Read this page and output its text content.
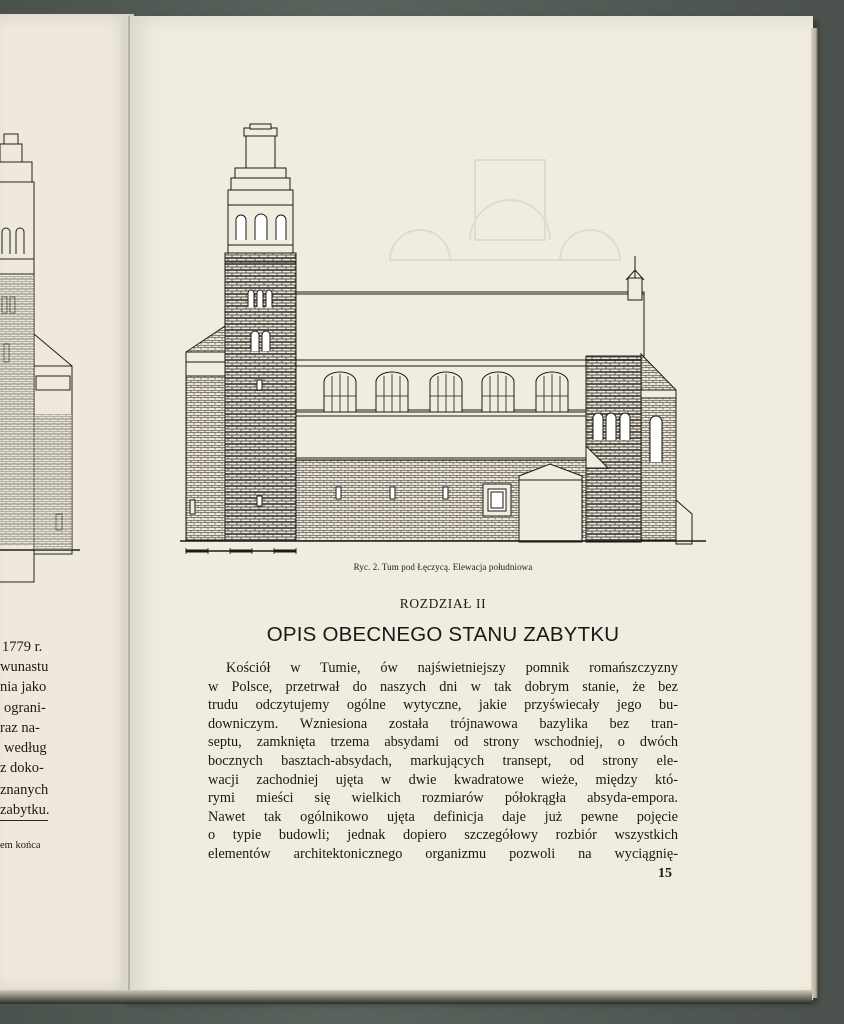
1779 r.
wunastu
nia jako
ograni-
raz na-
według
z doko-
znanych
zabytku.
em końca
Ryc. 2. Tum pod Łęczycą. Elewacja południowa
ROZDZIAŁ II
OPIS OBECNEGO STANU ZABYTKU
Kościół w Tumie, ów najświetniejszy pomnik romańszczyzny
w Polsce, przetrwał do naszych dni w tak dobrym stanie, że bez
trudu odczytujemy ogólne wytyczne, jakie przyświecały jego bu-
downiczym. Wzniesiona została trójnawowa bazylika bez tran-
septu, zamknięta trzema absydami od strony wschodniej, o dwóch
bocznych basztach-absydach, markujących transept, od strony ele-
wacji zachodniej ujęta w dwie kwadratowe wieże, między któ-
rymi mieści się wielkich rozmiarów półokrągła absyda-empora.
Nawet tak ogólnikowo ujęta definicja daje już pewne pojęcie
o typie budowli; jednak dopiero szczegółowy rozbiór wszystkich
elementów architektonicznego organizmu pozwoli na wyciągnię-
15
